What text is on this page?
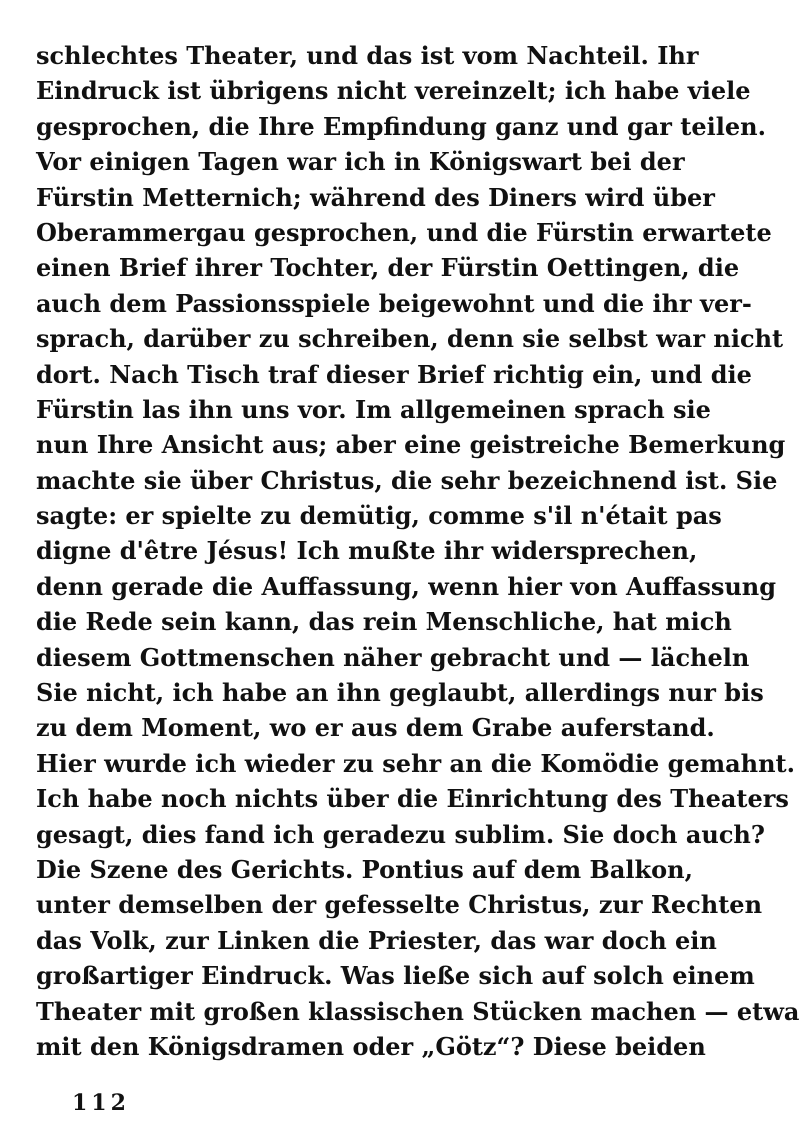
schlechtes Theater, und das ist vom Nachteil. Ihr
Eindruck ist übrigens nicht vereinzelt; ich habe viele
gesprochen, die Ihre Empfindung ganz und gar teilen.
Vor einigen Tagen war ich in Königswart bei der
Fürstin Metternich; während des Diners wird über
Oberammergau gesprochen, und die Fürstin erwartete
einen Brief ihrer Tochter, der Fürstin Oettingen, die
auch dem Passionsspiele beigewohnt und die ihr ver-
sprach, darüber zu schreiben, denn sie selbst war nicht
dort. Nach Tisch traf dieser Brief richtig ein, und die
Fürstin las ihn uns vor. Im allgemeinen sprach sie
nun Ihre Ansicht aus; aber eine geistreiche Bemerkung
machte sie über Christus, die sehr bezeichnend ist. Sie
sagte: er spielte zu demütig, comme s'il n'était pas
digne d'être Jésus! Ich mußte ihr widersprechen,
denn gerade die Auffassung, wenn hier von Auffassung
die Rede sein kann, das rein Menschliche, hat mich
diesem Gottmenschen näher gebracht und — lächeln
Sie nicht, ich habe an ihn geglaubt, allerdings nur bis
zu dem Moment, wo er aus dem Grabe auferstand.
Hier wurde ich wieder zu sehr an die Komödie gemahnt.
Ich habe noch nichts über die Einrichtung des Theaters
gesagt, dies fand ich geradezu sublim. Sie doch auch?
Die Szene des Gerichts. Pontius auf dem Balkon,
unter demselben der gefesselte Christus, zur Rechten
das Volk, zur Linken die Priester, das war doch ein
großartiger Eindruck. Was ließe sich auf solch einem
Theater mit großen klassischen Stücken machen — etwa
mit den Königsdramen oder „Götz“? Diese beiden
112
